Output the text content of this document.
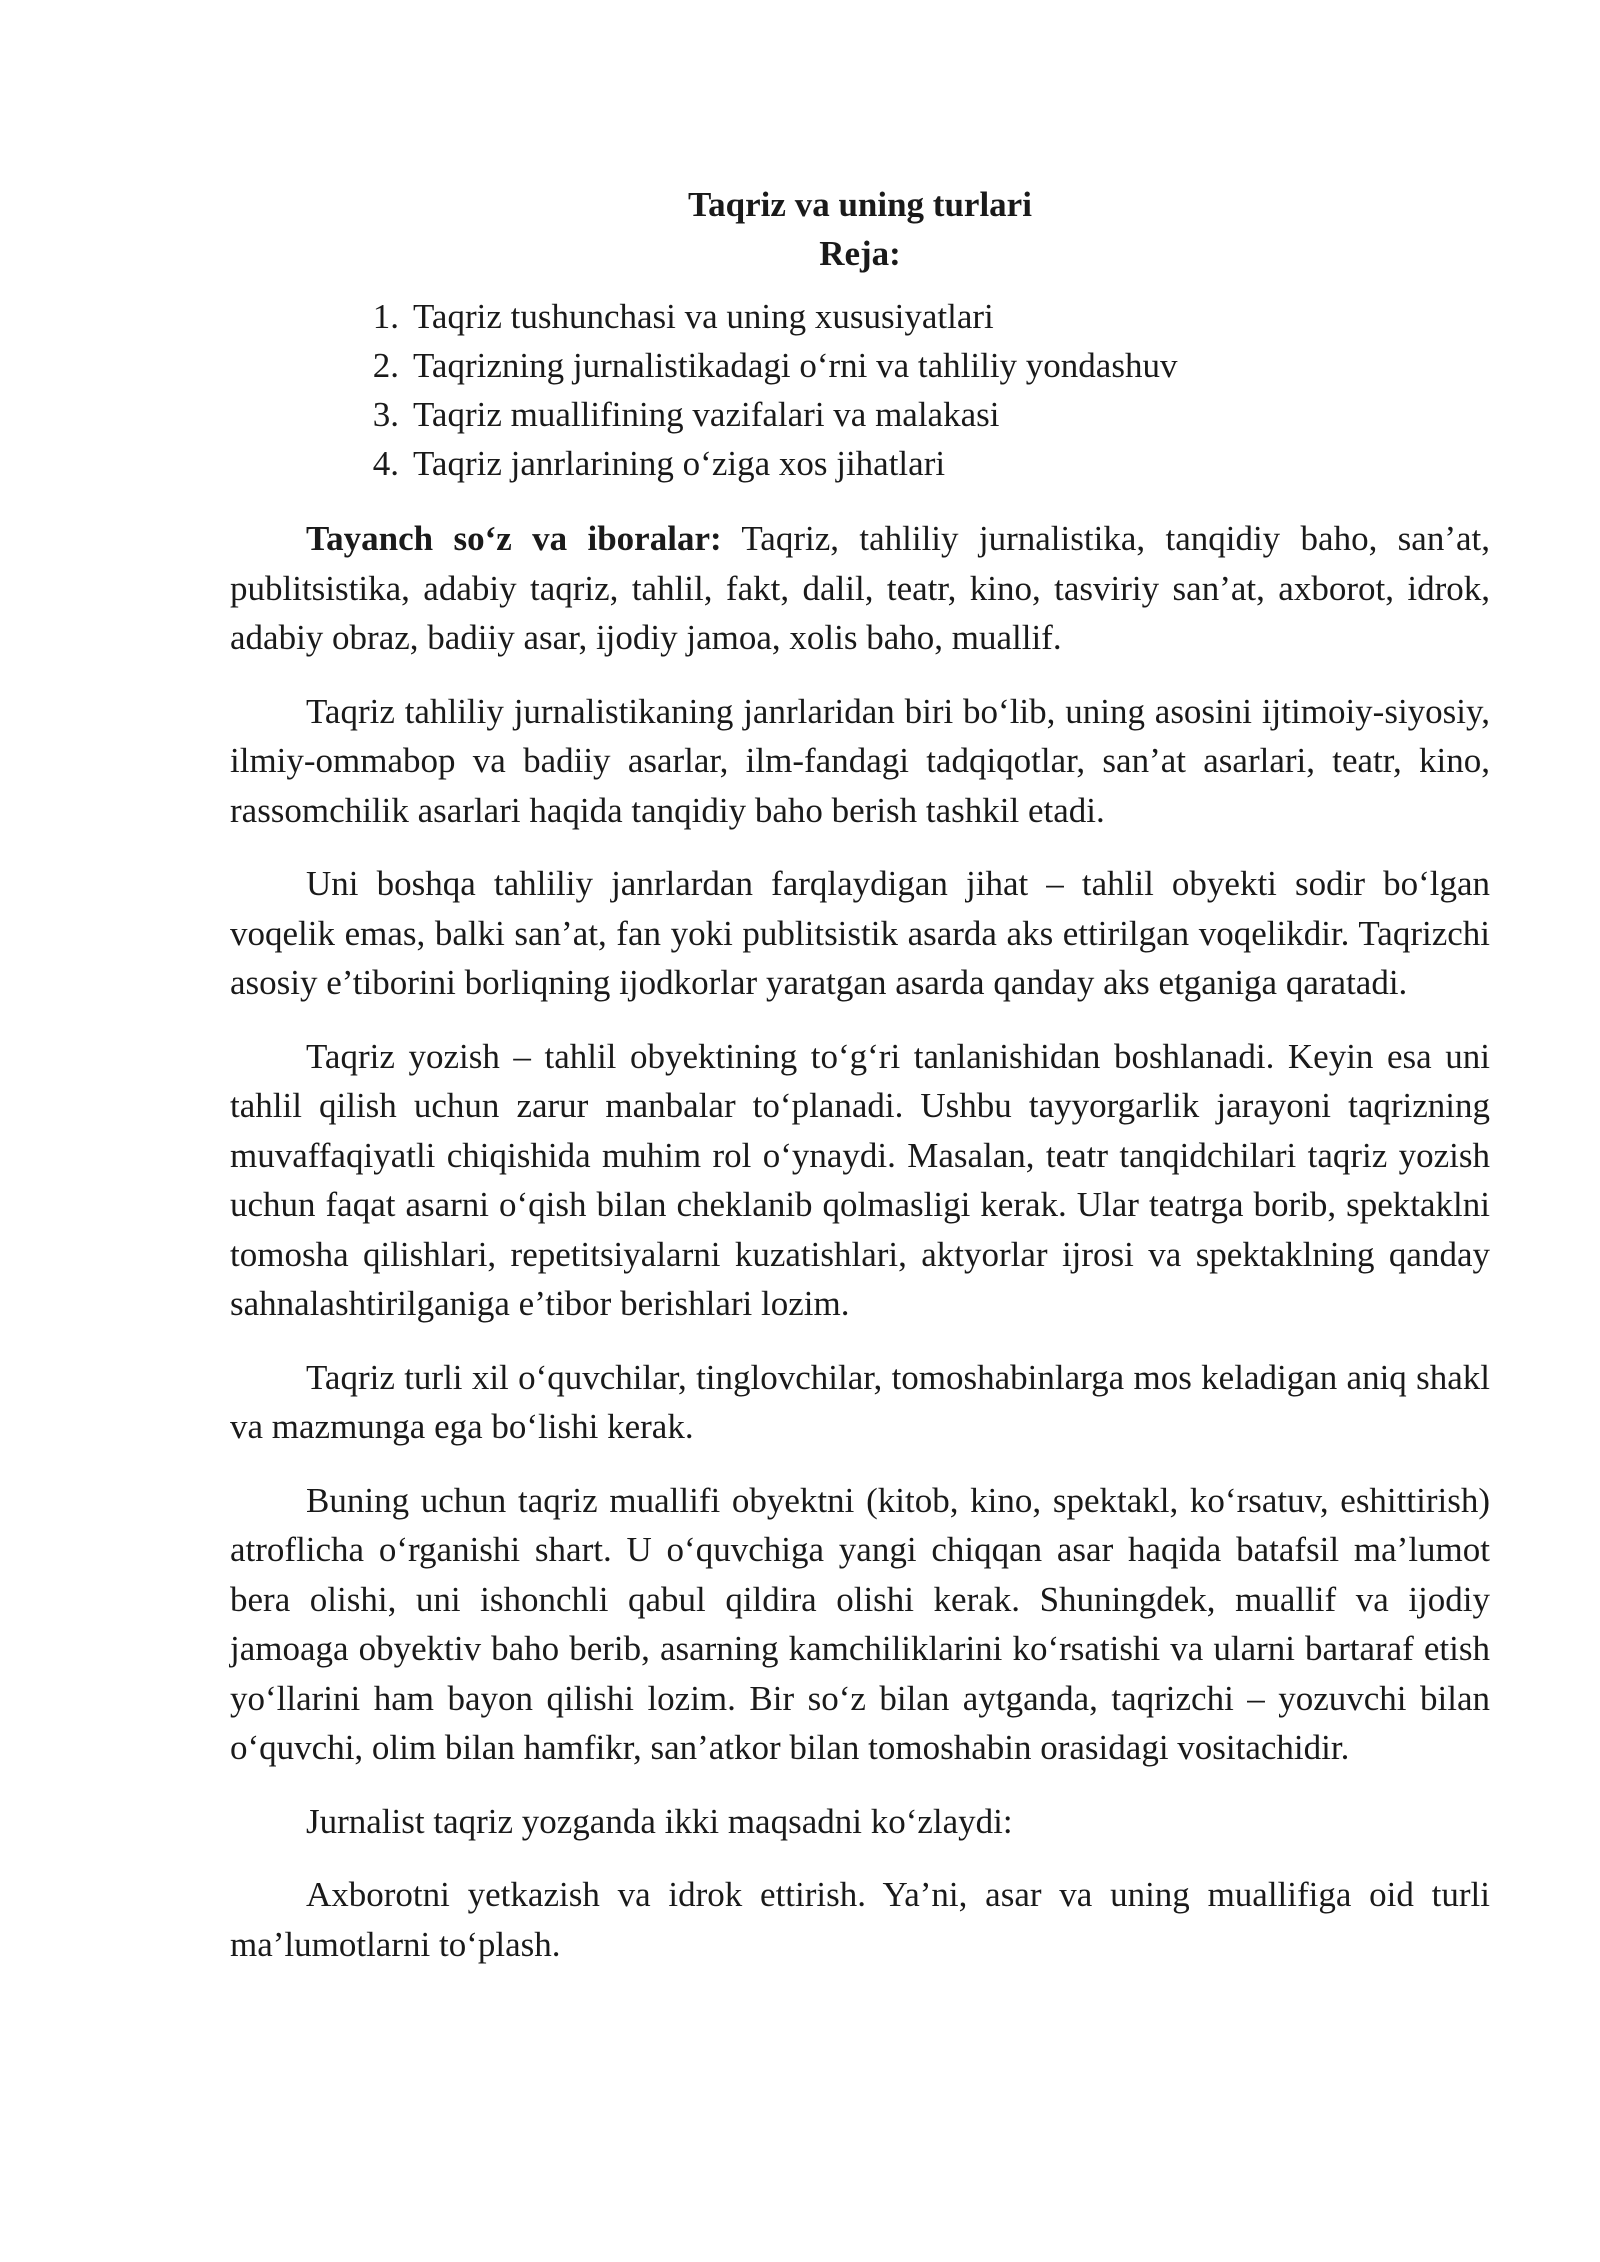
Taqriz va uning turlari
Reja:
1. Taqriz tushunchasi va uning xususiyatlari
2. Taqrizning jurnalistikadagi o‘rni va tahliliy yondashuv
3. Taqriz muallifining vazifalari va malakasi
4. Taqriz janrlarining o‘ziga xos jihatlari

Tayanch so‘z va iboralar: Taqriz, tahliliy jurnalistika, tanqidiy baho, san’at, publitsistika, adabiy taqriz, tahlil, fakt, dalil, teatr, kino, tasviriy san’at, axborot, idrok, adabiy obraz, badiiy asar, ijodiy jamoa, xolis baho, muallif.

Taqriz tahliliy jurnalistikaning janrlaridan biri bo‘lib, uning asosini ijtimoiy-siyosiy, ilmiy-ommabop va badiiy asarlar, ilm-fandagi tadqiqotlar, san’at asarlari, teatr, kino, rassomchilik asarlari haqida tanqidiy baho berish tashkil etadi.

Uni boshqa tahliliy janrlardan farqlaydigan jihat – tahlil obyekti sodir bo‘lgan voqelik emas, balki san’at, fan yoki publitsistik asarda aks ettirilgan voqelikdir. Taqrizchi asosiy e’tiborini borliqning ijodkorlar yaratgan asarda qanday aks etganiga qaratadi.

Taqriz yozish – tahlil obyektining to‘g‘ri tanlanishidan boshlanadi. Keyin esa uni tahlil qilish uchun zarur manbalar to‘planadi. Ushbu tayyorgarlik jarayoni taqrizning muvaffaqiyatli chiqishida muhim rol o‘ynaydi. Masalan, teatr tanqidchilari taqriz yozish uchun faqat asarni o‘qish bilan cheklanib qolmasligi kerak. Ular teatrga borib, spektaklni tomosha qilishlari, repetitsiyalarni kuzatishlari, aktyorlar ijrosi va spektaklning qanday sahnalashtirilganiga e’tibor berishlari lozim.

Taqriz turli xil o‘quvchilar, tinglovchilar, tomoshabinlarga mos keladigan aniq shakl va mazmunga ega bo‘lishi kerak.

Buning uchun taqriz muallifi obyektni (kitob, kino, spektakl, ko‘rsatuv, eshittirish) atroflicha o‘rganishi shart. U o‘quvchiga yangi chiqqan asar haqida batafsil ma’lumot bera olishi, uni ishonchli qabul qildira olishi kerak. Shuningdek, muallif va ijodiy jamoaga obyektiv baho berib, asarning kamchiliklarini ko‘rsatishi va ularni bartaraf etish yo‘llarini ham bayon qilishi lozim. Bir so‘z bilan aytganda, taqrizchi – yozuvchi bilan o‘quvchi, olim bilan hamfikr, san’atkor bilan tomoshabin orasidagi vositachidir.

Jurnalist taqriz yozganda ikki maqsadni ko‘zlaydi:

Axborotni yetkazish va idrok ettirish. Ya’ni, asar va uning muallifiga oid turli ma’lumotlarni to‘plash.
